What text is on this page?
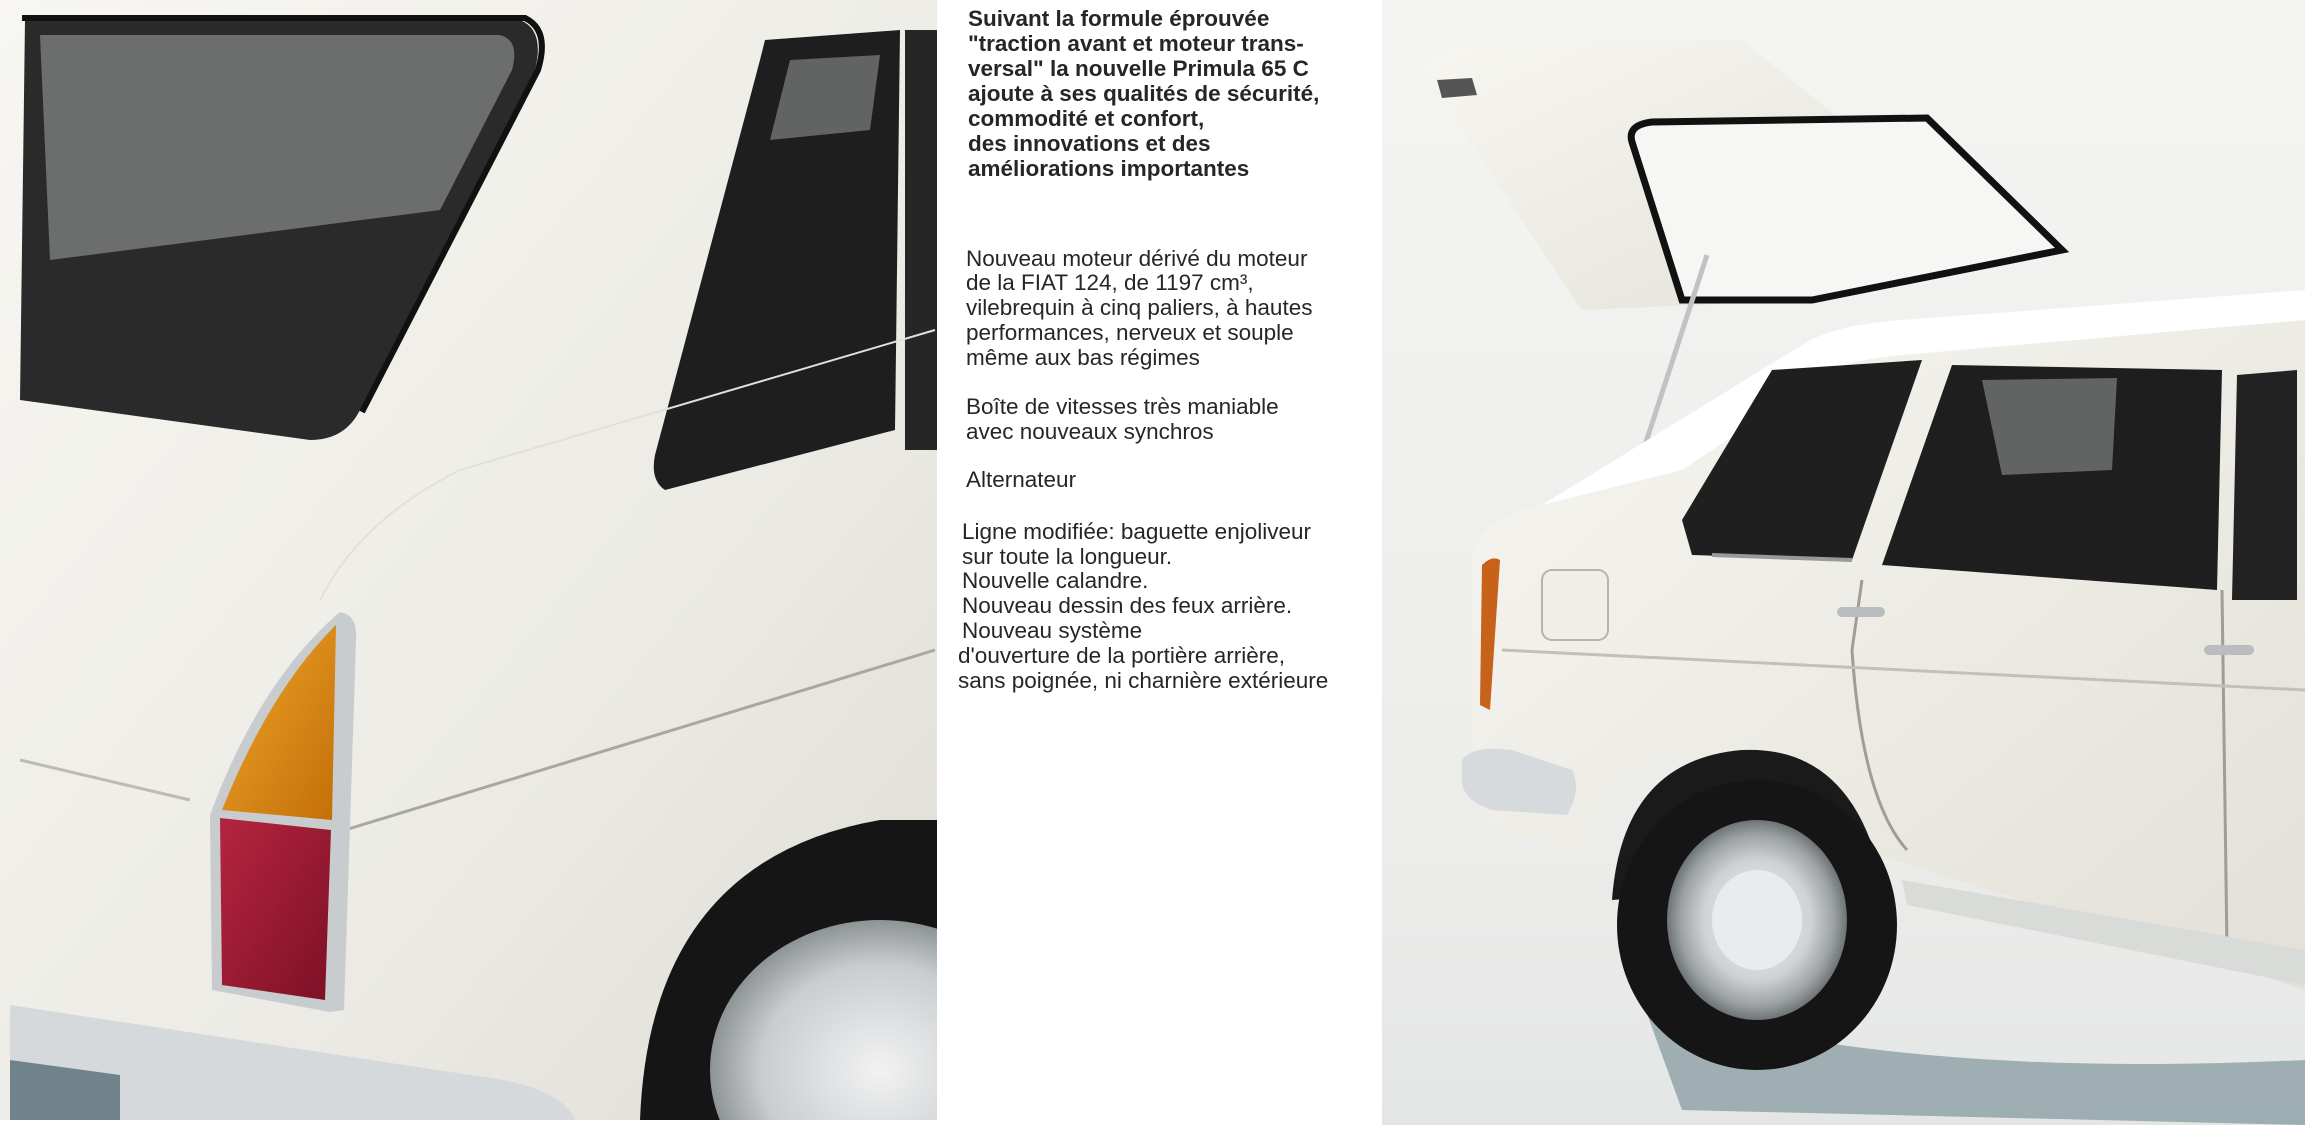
Suivant la formule éprouvée
"traction avant et moteur trans-
versal" la nouvelle Primula 65 C
ajoute à ses qualités de sécurité,
commodité et confort,
des innovations et des
améliorations importantes
Nouveau moteur dérivé du moteur
de la FIAT 124, de 1197 cm³,
vilebrequin à cinq paliers, à hautes
performances, nerveux et souple
même aux bas régimes
Boîte de vitesses très maniable
avec nouveaux synchros
Alternateur
Ligne modifiée: baguette enjoliveur
sur toute la longueur.
Nouvelle calandre.
Nouveau dessin des feux arrière.
Nouveau système
d'ouverture de la portière arrière,
sans poignée, ni charnière extérieure
